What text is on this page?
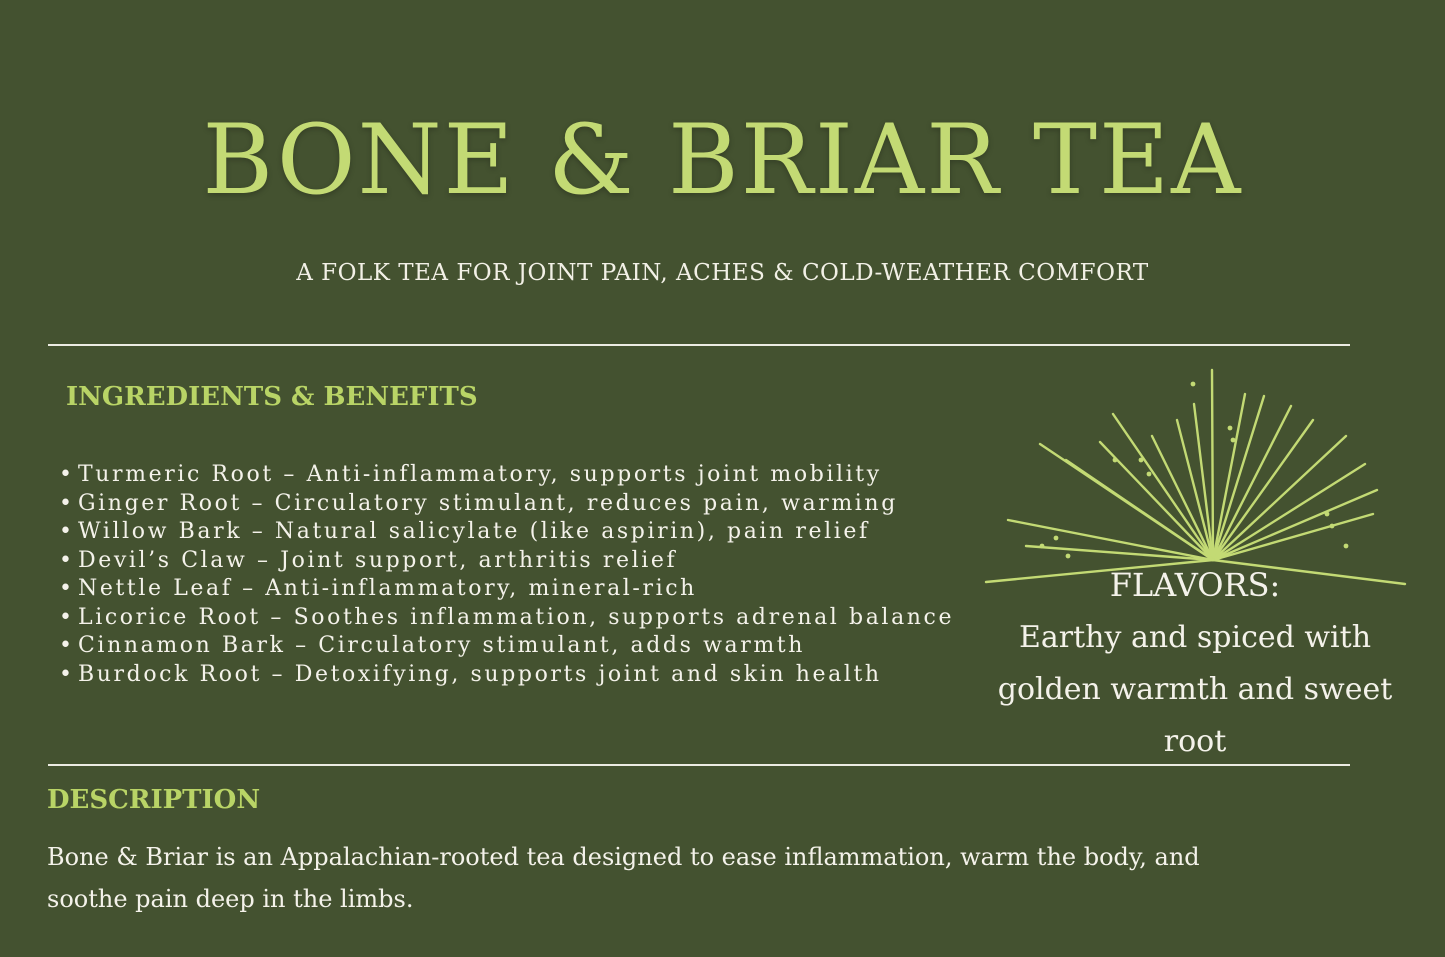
BONE & BRIAR TEA
A FOLK TEA FOR JOINT PAIN, ACHES & COLD-WEATHER COMFORT
INGREDIENTS & BENEFITS
• Turmeric Root – Anti-inflammatory, supports joint mobility
• Ginger Root – Circulatory stimulant, reduces pain, warming
• Willow Bark – Natural salicylate (like aspirin), pain relief
• Devil’s Claw – Joint support, arthritis relief
• Nettle Leaf – Anti-inflammatory, mineral-rich
• Licorice Root – Soothes inflammation, supports adrenal balance
• Cinnamon Bark – Circulatory stimulant, adds warmth
• Burdock Root – Detoxifying, supports joint and skin health
FLAVORS:
Earthy and spiced with golden warmth and sweet root
DESCRIPTION

Bone & Briar is an Appalachian-rooted tea designed to ease inflammation, warm the body, and soothe pain deep in the limbs.
